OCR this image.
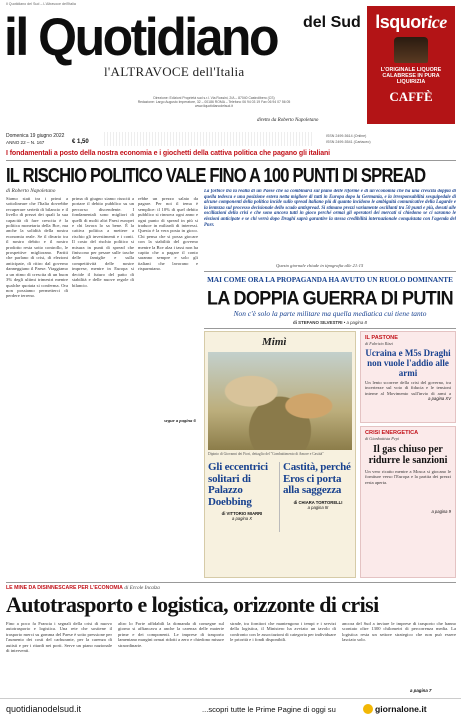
Il Quotidiano del Sud – L'Altravoce dell'Italia
il Quotidiano del Sud
l'ALTRAVOCE dell'Italia
diretto da Roberto Napoletano
Direzione: Edizioni Proprietà sud s.r.l. Via Rossini, 2/A – 87040 Castrolibero (CS)
Redazione: Largo Augusto Imperatore, 32 – 00186 ROMA – Telefono 06 94 03 19 Fax 06 94 07 56 05
www.ilquotidianodelsud.it
Domenica 19 giugno 2022
ANNO 22 – N. 167	€ 1,50
ISSN 2499-5614 (Online)
ISSN 2499-5541 (Cartaceo)
lsquorice
L'ORIGINALE LIQUORE
CALABRESE IN PURA
LIQUIRIZIA
CAFFÈ
I fondamentali a posto della nostra economia e i giochetti della cattiva politica che pagano gli italiani
IL RISCHIO POLITICO VALE FINO A 100 PUNTI DI SPREAD
di Roberto Napoletano
Siamo stati tra i primi a sottolineare che l'Italia dovrebbe recuperare serietà di bilancio e il livello di prezzi dei quali la sua capacità di fare crescita è la politica monetaria della Bce, ma anche la solidità della nostra economia reale. Se il divario tra il nostro debito e il nostro prodotto resta sotto controllo, le prospettive migliorano. Partiti che parlano di crisi, di elezioni anticipate, di ritiro dal governo danneggiano il Paese. Viaggiamo a un ritmo di crescita di un buon 3% degli ultimi trimestri mentre qualche quotata si conferma. Ora non possiamo permetterci di perdere terreno.
prima di giugno siamo riusciti a portare il debito pubblico su un percorso discendente. I fondamentali sono migliori di quelli di molti altri Paesi europei e chi lavora lo sa bene. È la cattiva politica a mettere a rischio gli investimenti e i conti. Il costo del rischio politico si misura in punti di spread che finiscono per pesare sulle tasche delle famiglie e sulla competitività delle nostre imprese, mentre in Europa si decide il futuro del patto di stabilità e delle nuove regole di bilancio.
rebbe un prezzo salato da pagare. Per noi il tema è semplice: il 10% di quel debito pubblico si rinnova ogni anno e ogni punto di spread in più si traduce in miliardi di interessi. Questa è la vera posta in gioco. Chi pensa che si possa giocare con la stabilità del governo mentre la Bce alza i tassi non ha capito che a pagare il conto saranno sempre e solo gli italiani che lavorano e risparmiano.
segue a pagina 6
La forbice tra la realtà di un Paese che sa combinarsi sul piano delle riforme e di un'economia che ha una crescita doppia di quella tedesca e una posizione estera netta migliore di tutti in Europa dopo la Germania, e la irresponsabilità sesquipedale di alcune componenti della politica incide sullo spread italiano più di quanto incidono le ambiguità comunicative della Lagarde e la lentezza sul processo decisionale dello scudo antispread. Si stimano prezzi variamente oscillanti tra 50 punti e più, dovuti alle oscillazioni della crisi e che sono ancora tutti in gioco perché ormai gli operatori dei mercati si chiedono se ci saranno le elezioni anticipate e se chi verrà dopo Draghi saprà garantire la stessa credibilità internazionale conquistata con l'agenda del Pnrr.
Questo giornale chiude in tipografia alle 21:15
MAI COME ORA LA PROPAGANDA HA AVUTO UN RUOLO DOMINANTE
LA DOPPIA GUERRA DI PUTIN
Non c'è solo la parte militare ma quella mediatica cui tiene tanto
di STEFANO SILVESTRI • a pagina 8
Mimì
Dipinto di Giovanni dei Fiori, dettaglio del "Combattimento di Amore e Castità"
Gli eccentrici solitari di Palazzo Doebbing
di VITTORIO MIARRI
a pagina X
Castità, perché Eros ci porta alla saggezza
di CHIARA TORTORELLI
a pagina III
IL PASTONE
di Fabrizio Rizzi
Ucraina e M5s Draghi non vuole l'addio alle armi
Un lento scorrere della crisi del governo, tra incertezze sul voto di fiducia e le tensioni interne al Movimento sull'invio di armi a
a pagina XV
CRISI ENERGETICA
di Gianbattista Pepi
Il gas chiuso per ridurre le sanzioni
Un vero ricatto mentre a Mosca si giocano le forniture verso l'Europa e la partita dei prezzi resta aperta.
a pagina 9
LE MINE DA DISINNESCARE PER L'ECONOMIA di Ercole Incalza
Autotrasporto e logistica, orizzonte di crisi
Fino a poco fa Francia i segnali della crisi di nuovo autotrasporto e logistica. Una rete che sostiene il trasporto merci su gomma del Paese è sotto pressione per l'aumento dei costi del carburante, per la carenza di autisti e per i ritardi nei porti. Serve un piano nazionale di interventi.
altro lo Forte affidabili la domanda di consegne sul giorno si affiancava a anche la carenza delle materie prime e dei componenti. Le imprese di trasporto lamentano margini ormai ridotti a zero e chiedono misure straordinarie.
strade, tra fornitori che mantengono i tempi e i servizi della logistica, il Ministero ha avviato un tavolo di confronto con le associazioni di categoria per individuare le priorità e i fondi disponibili.
ancora del Sud a inviare le imprese di trasporto che hanno scontato oltre 1300 chilometri di percorrenza media. La logistica resta un settore strategico che non può essere lasciato solo.
a pagina 7
quotidianodelsud.it	...scopri tutte le Prime Pagine di oggi su	giornalone.it
